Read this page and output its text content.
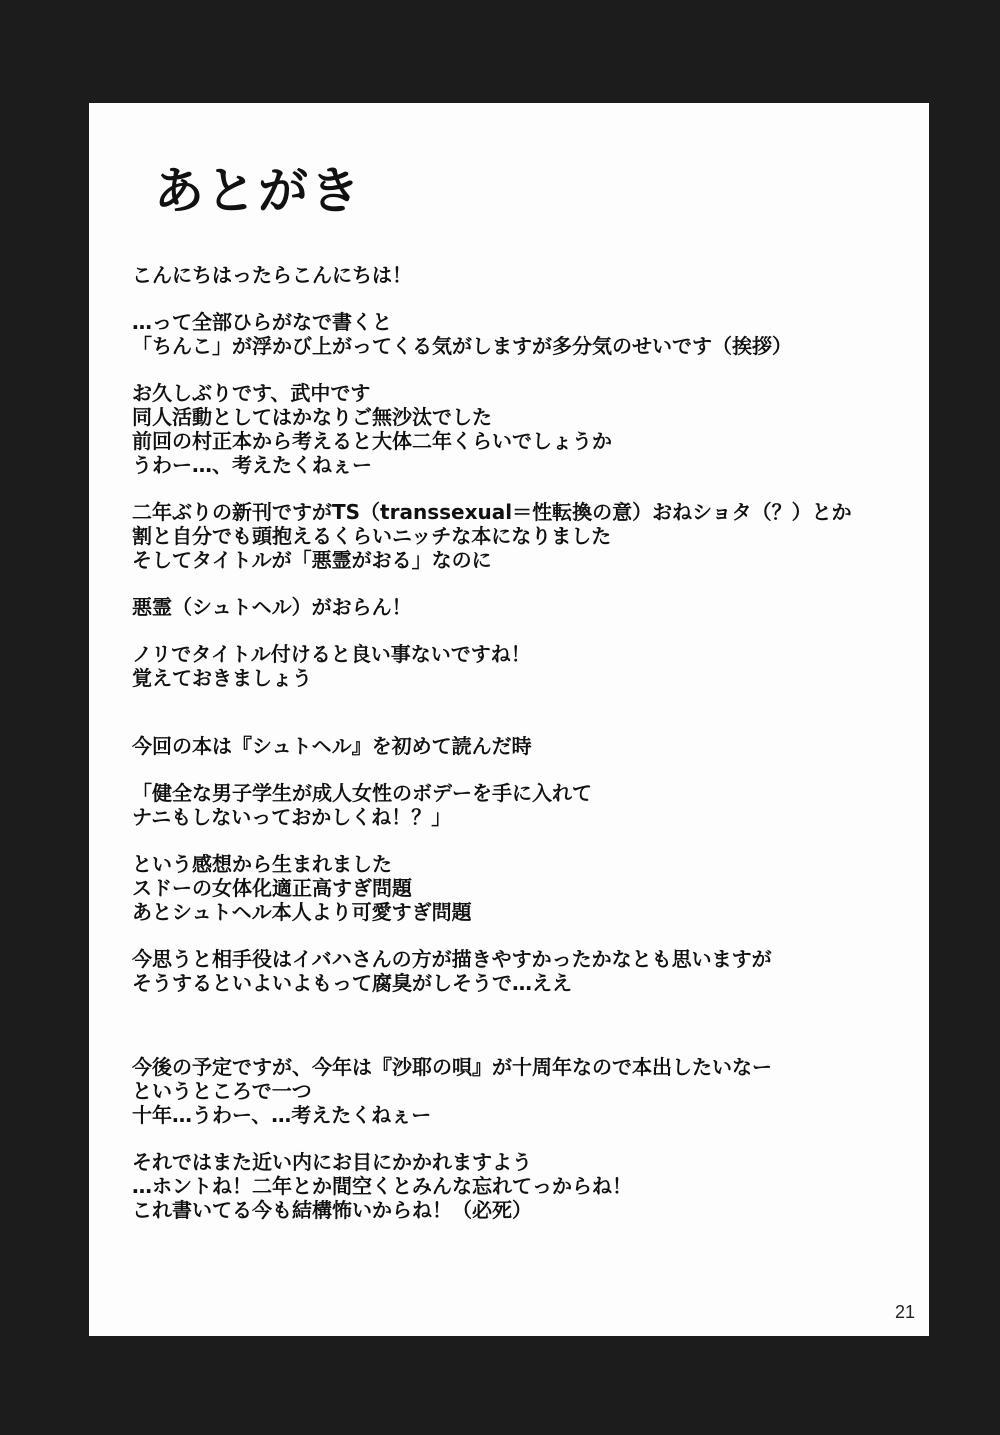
あとがき

こんにちはったらこんにちは！

…って全部ひらがなで書くと
「ちんこ」が浮かび上がってくる気がしますが多分気のせいです（挨拶）

お久しぶりです、武中です
同人活動としてはかなりご無沙汰でした
前回の村正本から考えると大体二年くらいでしょうか
うわー…、考えたくねぇー

二年ぶりの新刊ですがTS（transsexual＝性転換の意）おねショタ（？）とか
割と自分でも頭抱えるくらいニッチな本になりました
そしてタイトルが「悪霊がおる」なのに

悪霊（シュトヘル）がおらん！

ノリでタイトル付けると良い事ないですね！
覚えておきましょう

今回の本は『シュトヘル』を初めて読んだ時

「健全な男子学生が成人女性のボデーを手に入れて
ナニもしないっておかしくね！？」

という感想から生まれました
スドーの女体化適正高すぎ問題
あとシュトヘル本人より可愛すぎ問題

今思うと相手役はイバハさんの方が描きやすかったかなとも思いますが
そうするといよいよもって腐臭がしそうで…ええ

今後の予定ですが、今年は『沙耶の唄』が十周年なので本出したいなー
というところで一つ
十年…うわー、…考えたくねぇー

それではまた近い内にお目にかかれますよう
…ホントね！二年とか間空くとみんな忘れてっからね！
これ書いてる今も結構怖いからね！（必死）

21
